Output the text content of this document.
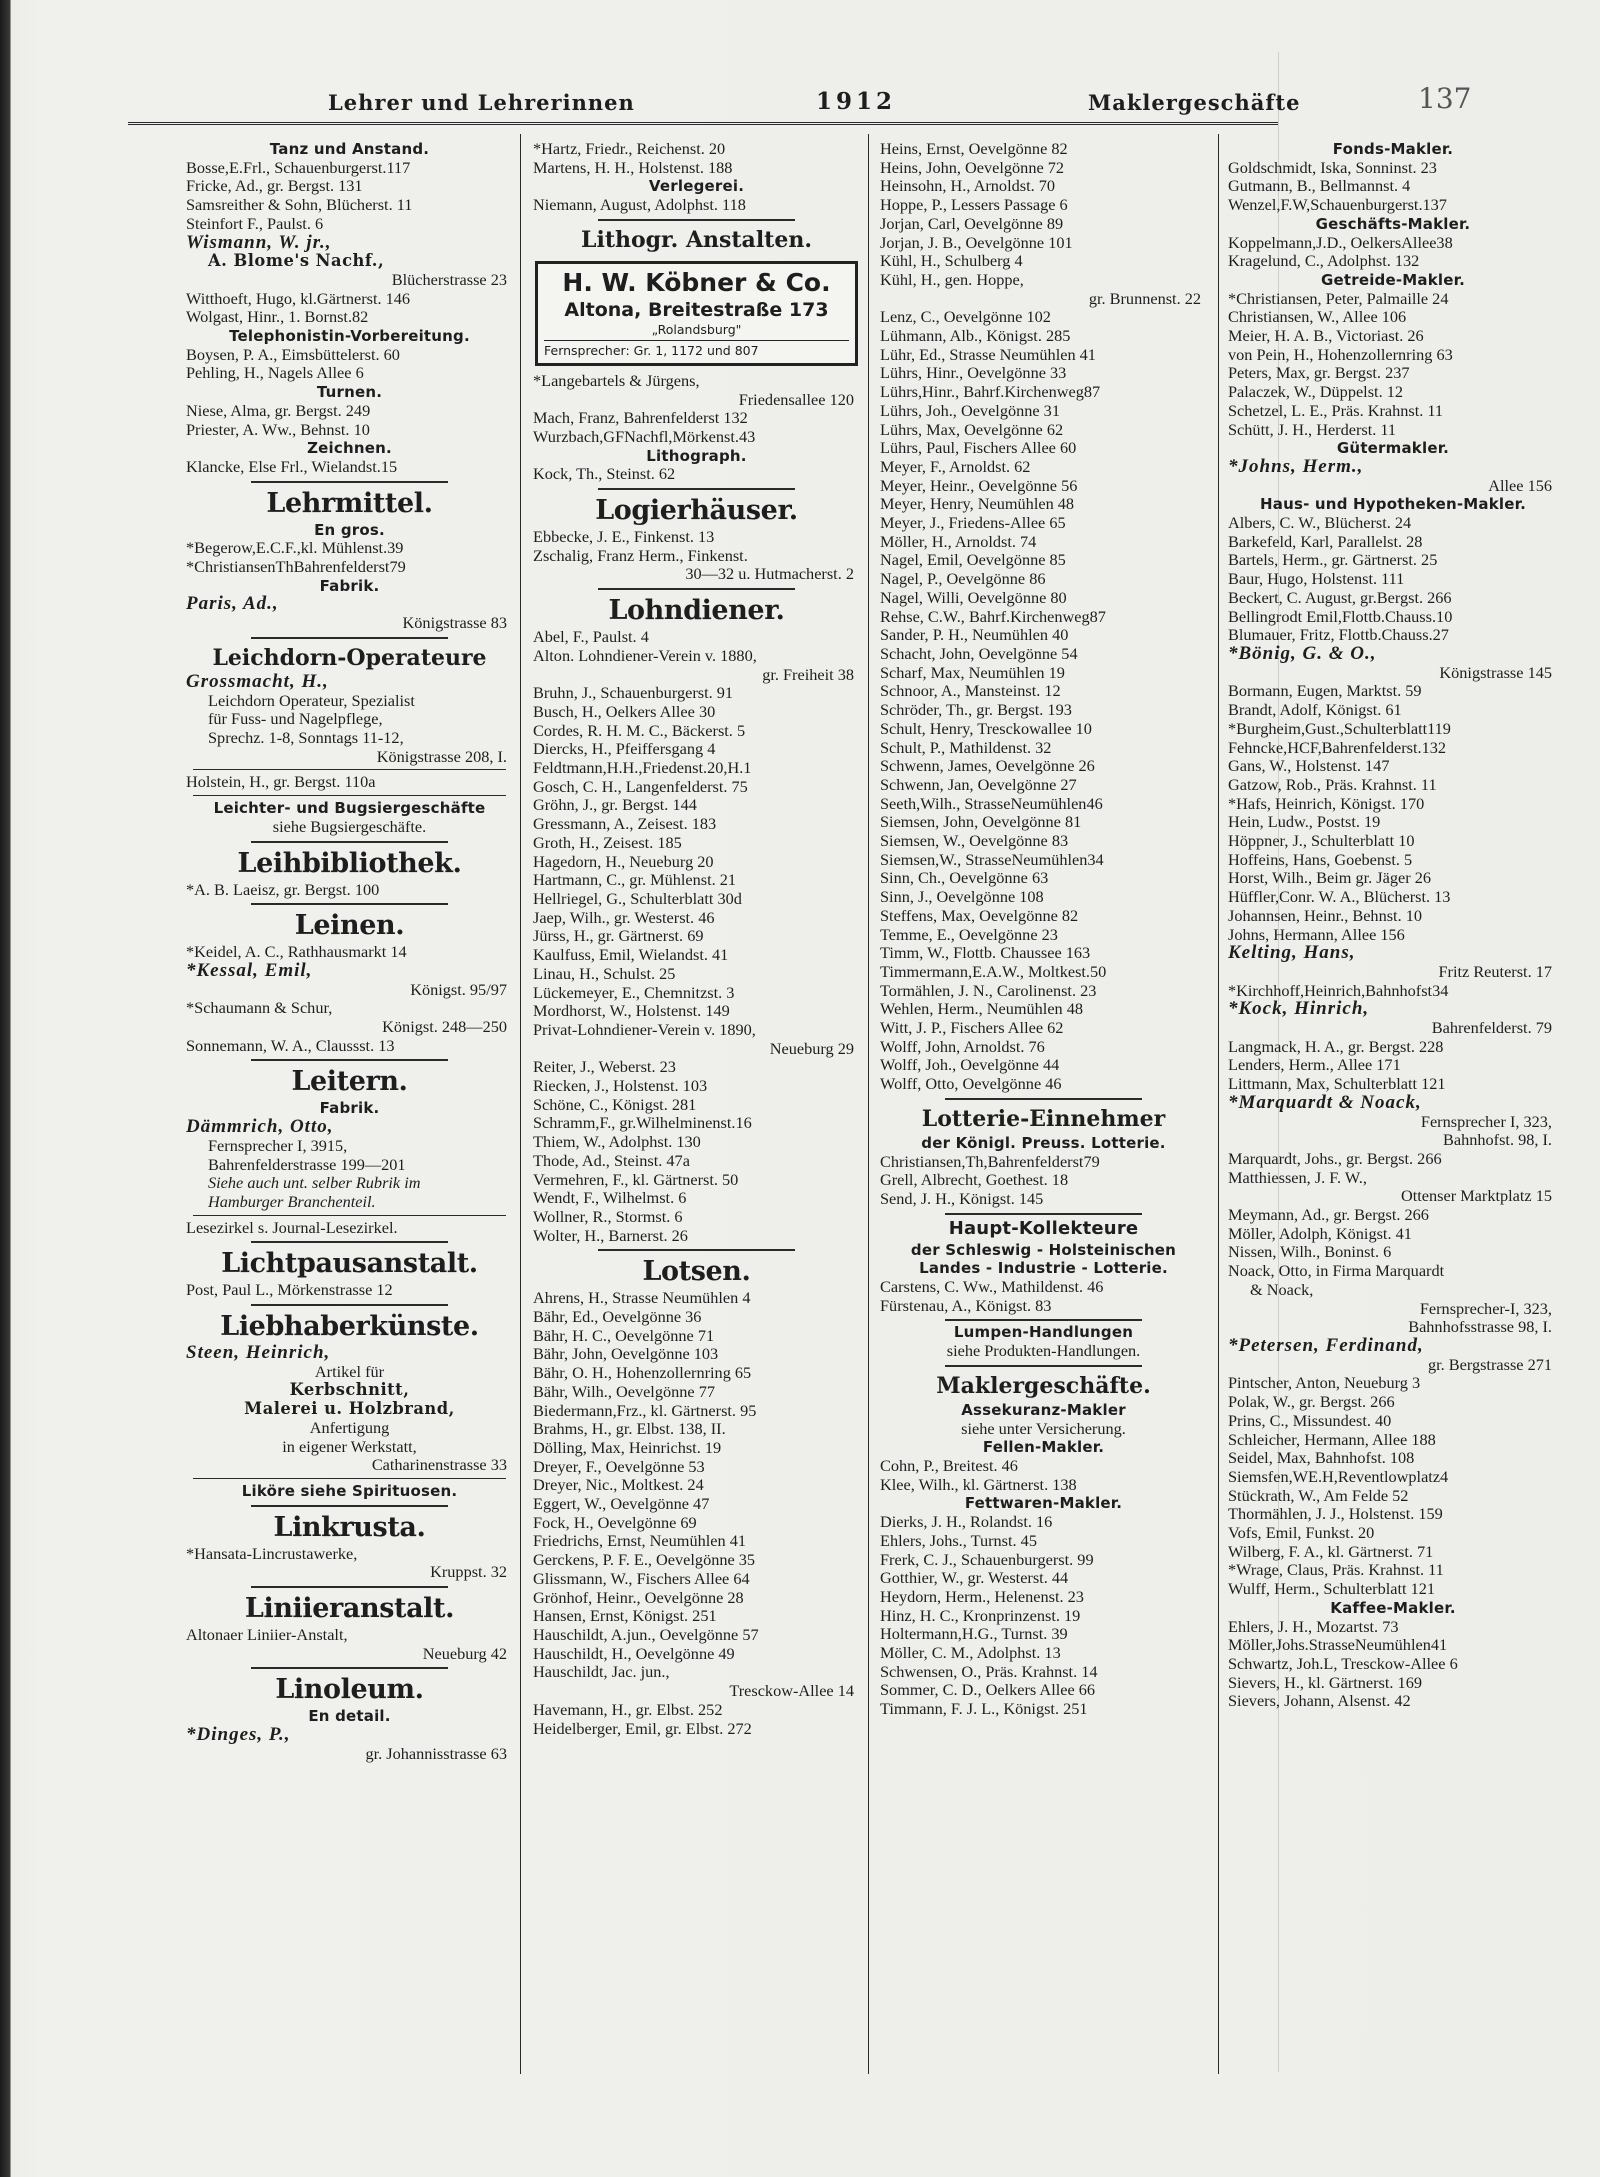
Lehrer und Lehrerinnen	1912	Maklergeschäfte	137
Tanz und Anstand.
Bosse,E.Frl., Schauenburgerst.117
Fricke, Ad., gr. Bergst. 131
Samsreither & Sohn, Blücherst. 11
Steinfort F., Paulst. 6
Wismann, W. jr.,
A. Blome's Nachf.,
Blücherstrasse 23
Witthoeft, Hugo, kl.Gärtnerst. 146
Wolgast, Hinr., 1. Bornst.82
Telephonistin-Vorbereitung.
Boysen, P. A., Eimsbüttelerst. 60
Pehling, H., Nagels Allee 6
Turnen.
Niese, Alma, gr. Bergst. 249
Priester, A. Ww., Behnst. 10
Zeichnen.
Klancke, Else Frl., Wielandst.15
Lehrmittel.
En gros.
*Begerow,E.C.F.,kl. Mühlenst.39
*ChristiansenThBahrenfelderst79
Fabrik.
Paris, Ad.,
Königstrasse 83
Leichdorn-Operateure
Grossmacht, H.,
Leichdorn Operateur, Spezialist
für Fuss- und Nagelpflege,
Sprechz. 1-8, Sonntags 11-12,
Königstrasse 208, I.
Holstein, H., gr. Bergst. 110a
Leichter- und Bugsiergeschäfte
siehe Bugsiergeschäfte.
Leihbibliothek.
*A. B. Laeisz, gr. Bergst. 100
Leinen.
*Keidel, A. C., Rathhausmarkt 14
*Kessal, Emil,
Königst. 95/97
*Schaumann & Schur,
Königst. 248—250
Sonnemann, W. A., Claussst. 13
Leitern.
Fabrik.
Dämmrich, Otto,
Fernsprecher I, 3915,
Bahrenfelderstrasse 199—201
Siehe auch unt. selber Rubrik im
Hamburger Branchenteil.
Lesezirkel s. Journal-Lesezirkel.
Lichtpausanstalt.
Post, Paul L., Mörkenstrasse 12
Liebhaberkünste.
Steen, Heinrich,
Artikel für
Kerbschnitt,
Malerei u. Holzbrand,
Anfertigung
in eigener Werkstatt,
Catharinenstrasse 33
Liköre siehe Spirituosen.
Linkrusta.
*Hansata-Lincrustawerke,
Kruppst. 32
Liniieranstalt.
Altonaer Liniier-Anstalt,
Neueburg 42
Linoleum.
En detail.
*Dinges, P.,
gr. Johannisstrasse 63
*Hartz, Friedr., Reichenst. 20
Martens, H. H., Holstenst. 188
Verlegerei.
Niemann, August, Adolphst. 118
Lithogr. Anstalten.
H. W. Köbner & Co.
Altona, Breitestraße 173
„Rolandsburg"
Fernsprecher: Gr. 1, 1172 und 807
*Langebartels & Jürgens,
Friedensallee 120
Mach, Franz, Bahrenfelderst 132
Wurzbach,GFNachfl,Mörkenst.43
Lithograph.
Kock, Th., Steinst. 62
Logierhäuser.
Ebbecke, J. E., Finkenst. 13
Zschalig, Franz Herm., Finkenst.
30—32 u. Hutmacherst. 2
Lohndiener.
Abel, F., Paulst. 4
Alton. Lohndiener-Verein v. 1880,
gr. Freiheit 38
Bruhn, J., Schauenburgerst. 91
Busch, H., Oelkers Allee 30
Cordes, R. H. M. C., Bäckerst. 5
Diercks, H., Pfeiffersgang 4
Feldtmann,H.H.,Friedenst.20,H.1
Gosch, C. H., Langenfelderst. 75
Gröhn, J., gr. Bergst. 144
Gressmann, A., Zeisest. 183
Groth, H., Zeisest. 185
Hagedorn, H., Neueburg 20
Hartmann, C., gr. Mühlenst. 21
Hellriegel, G., Schulterblatt 30d
Jaep, Wilh., gr. Westerst. 46
Jürss, H., gr. Gärtnerst. 69
Kaulfuss, Emil, Wielandst. 41
Linau, H., Schulst. 25
Lückemeyer, E., Chemnitzst. 3
Mordhorst, W., Holstenst. 149
Privat-Lohndiener-Verein v. 1890,
Neueburg 29
Reiter, J., Weberst. 23
Riecken, J., Holstenst. 103
Schöne, C., Königst. 281
Schramm,F., gr.Wilhelminenst.16
Thiem, W., Adolphst. 130
Thode, Ad., Steinst. 47a
Vermehren, F., kl. Gärtnerst. 50
Wendt, F., Wilhelmst. 6
Wollner, R., Stormst. 6
Wolter, H., Barnerst. 26
Lotsen.
Ahrens, H., Strasse Neumühlen 4
Bähr, Ed., Oevelgönne 36
Bähr, H. C., Oevelgönne 71
Bähr, John, Oevelgönne 103
Bähr, O. H., Hohenzollernring 65
Bähr, Wilh., Oevelgönne 77
Biedermann,Frz., kl. Gärtnerst. 95
Brahms, H., gr. Elbst. 138, II.
Dölling, Max, Heinrichst. 19
Dreyer, F., Oevelgönne 53
Dreyer, Nic., Moltkest. 24
Eggert, W., Oevelgönne 47
Fock, H., Oevelgönne 69
Friedrichs, Ernst, Neumühlen 41
Gerckens, P. F. E., Oevelgönne 35
Glissmann, W., Fischers Allee 64
Grönhof, Heinr., Oevelgönne 28
Hansen, Ernst, Königst. 251
Hauschildt, A.jun., Oevelgönne 57
Hauschildt, H., Oevelgönne 49
Hauschildt, Jac. jun.,
Tresckow-Allee 14
Havemann, H., gr. Elbst. 252
Heidelberger, Emil, gr. Elbst. 272
Heins, Ernst, Oevelgönne 82
Heins, John, Oevelgönne 72
Heinsohn, H., Arnoldst. 70
Hoppe, P., Lessers Passage 6
Jorjan, Carl, Oevelgönne 89
Jorjan, J. B., Oevelgönne 101
Kühl, H., Schulberg 4
Kühl, H., gen. Hoppe,
gr. Brunnenst. 22
Lenz, C., Oevelgönne 102
Lühmann, Alb., Königst. 285
Lühr, Ed., Strasse Neumühlen 41
Lührs, Hinr., Oevelgönne 33
Lührs,Hinr., Bahrf.Kirchenweg87
Lührs, Joh., Oevelgönne 31
Lührs, Max, Oevelgönne 62
Lührs, Paul, Fischers Allee 60
Meyer, F., Arnoldst. 62
Meyer, Heinr., Oevelgönne 56
Meyer, Henry, Neumühlen 48
Meyer, J., Friedens-Allee 65
Möller, H., Arnoldst. 74
Nagel, Emil, Oevelgönne 85
Nagel, P., Oevelgönne 86
Nagel, Willi, Oevelgönne 80
Rehse, C.W., Bahrf.Kirchenweg87
Sander, P. H., Neumühlen 40
Schacht, John, Oevelgönne 54
Scharf, Max, Neumühlen 19
Schnoor, A., Mansteinst. 12
Schröder, Th., gr. Bergst. 193
Schult, Henry, Tresckowallee 10
Schult, P., Mathildenst. 32
Schwenn, James, Oevelgönne 26
Schwenn, Jan, Oevelgönne 27
Seeth,Wilh., StrasseNeumühlen46
Siemsen, John, Oevelgönne 81
Siemsen, W., Oevelgönne 83
Siemsen,W., StrasseNeumühlen34
Sinn, Ch., Oevelgönne 63
Sinn, J., Oevelgönne 108
Steffens, Max, Oevelgönne 82
Temme, E., Oevelgönne 23
Timm, W., Flottb. Chaussee 163
Timmermann,E.A.W., Moltkest.50
Tormählen, J. N., Carolinenst. 23
Wehlen, Herm., Neumühlen 48
Witt, J. P., Fischers Allee 62
Wolff, John, Arnoldst. 76
Wolff, Joh., Oevelgönne 44
Wolff, Otto, Oevelgönne 46
Lotterie-Einnehmer
der Königl. Preuss. Lotterie.
Christiansen,Th,Bahrenfelderst79
Grell, Albrecht, Goethest. 18
Send, J. H., Königst. 145
Haupt-Kollekteure
der Schleswig - Holsteinischen
Landes - Industrie - Lotterie.
Carstens, C. Ww., Mathildenst. 46
Fürstenau, A., Königst. 83
Lumpen-Handlungen
siehe Produkten-Handlungen.
Maklergeschäfte.
Assekuranz-Makler
siehe unter Versicherung.
Fellen-Makler.
Cohn, P., Breitest. 46
Klee, Wilh., kl. Gärtnerst. 138
Fettwaren-Makler.
Dierks, J. H., Rolandst. 16
Ehlers, Johs., Turnst. 45
Frerk, C. J., Schauenburgerst. 99
Gotthier, W., gr. Westerst. 44
Heydorn, Herm., Helenenst. 23
Hinz, H. C., Kronprinzenst. 19
Holtermann,H.G., Turnst. 39
Möller, C. M., Adolphst. 13
Schwensen, O., Präs. Krahnst. 14
Sommer, C. D., Oelkers Allee 66
Timmann, F. J. L., Königst. 251
Fonds-Makler.
Goldschmidt, Iska, Sonninst. 23
Gutmann, B., Bellmannst. 4
Wenzel,F.W,Schauenburgerst.137
Geschäfts-Makler.
Koppelmann,J.D., OelkersAllee38
Kragelund, C., Adolphst. 132
Getreide-Makler.
*Christiansen, Peter, Palmaille 24
Christiansen, W., Allee 106
Meier, H. A. B., Victoriast. 26
von Pein, H., Hohenzollernring 63
Peters, Max, gr. Bergst. 237
Palaczek, W., Düppelst. 12
Schetzel, L. E., Präs. Krahnst. 11
Schütt, J. H., Herderst. 11
Gütermakler.
*Johns, Herm.,
Allee 156
Haus- und Hypotheken-Makler.
Albers, C. W., Blücherst. 24
Barkefeld, Karl, Parallelst. 28
Bartels, Herm., gr. Gärtnerst. 25
Baur, Hugo, Holstenst. 111
Beckert, C. August, gr.Bergst. 266
Bellingrodt Emil,Flottb.Chauss.10
Blumauer, Fritz, Flottb.Chauss.27
*Bönig, G. & O.,
Königstrasse 145
Bormann, Eugen, Marktst. 59
Brandt, Adolf, Königst. 61
*Burgheim,Gust.,Schulterblatt119
Fehncke,HCF,Bahrenfelderst.132
Gans, W., Holstenst. 147
Gatzow, Rob., Präs. Krahnst. 11
*Hafs, Heinrich, Königst. 170
Hein, Ludw., Postst. 19
Höppner, J., Schulterblatt 10
Hoffeins, Hans, Goebenst. 5
Horst, Wilh., Beim gr. Jäger 26
Hüffler,Conr. W. A., Blücherst. 13
Johannsen, Heinr., Behnst. 10
Johns, Hermann, Allee 156
Kelting, Hans,
Fritz Reuterst. 17
*Kirchhoff,Heinrich,Bahnhofst34
*Kock, Hinrich,
Bahrenfelderst. 79
Langmack, H. A., gr. Bergst. 228
Lenders, Herm., Allee 171
Littmann, Max, Schulterblatt 121
*Marquardt & Noack,
Fernsprecher I, 323,
Bahnhofst. 98, I.
Marquardt, Johs., gr. Bergst. 266
Matthiessen, J. F. W.,
Ottenser Marktplatz 15
Meymann, Ad., gr. Bergst. 266
Möller, Adolph, Königst. 41
Nissen, Wilh., Boninst. 6
Noack, Otto, in Firma Marquardt
& Noack,
Fernsprecher-I, 323,
Bahnhofsstrasse 98, I.
*Petersen, Ferdinand,
gr. Bergstrasse 271
Pintscher, Anton, Neueburg 3
Polak, W., gr. Bergst. 266
Prins, C., Missundest. 40
Schleicher, Hermann, Allee 188
Seidel, Max, Bahnhofst. 108
Siemsfen,WE.H,Reventlowplatz4
Stückrath, W., Am Felde 52
Thormählen, J. J., Holstenst. 159
Vofs, Emil, Funkst. 20
Wilberg, F. A., kl. Gärtnerst. 71
*Wrage, Claus, Präs. Krahnst. 11
Wulff, Herm., Schulterblatt 121
Kaffee-Makler.
Ehlers, J. H., Mozartst. 73
Möller,Johs.StrasseNeumühlen41
Schwartz, Joh.L, Tresckow-Allee 6
Sievers, H., kl. Gärtnerst. 169
Sievers, Johann, Alsenst. 42
